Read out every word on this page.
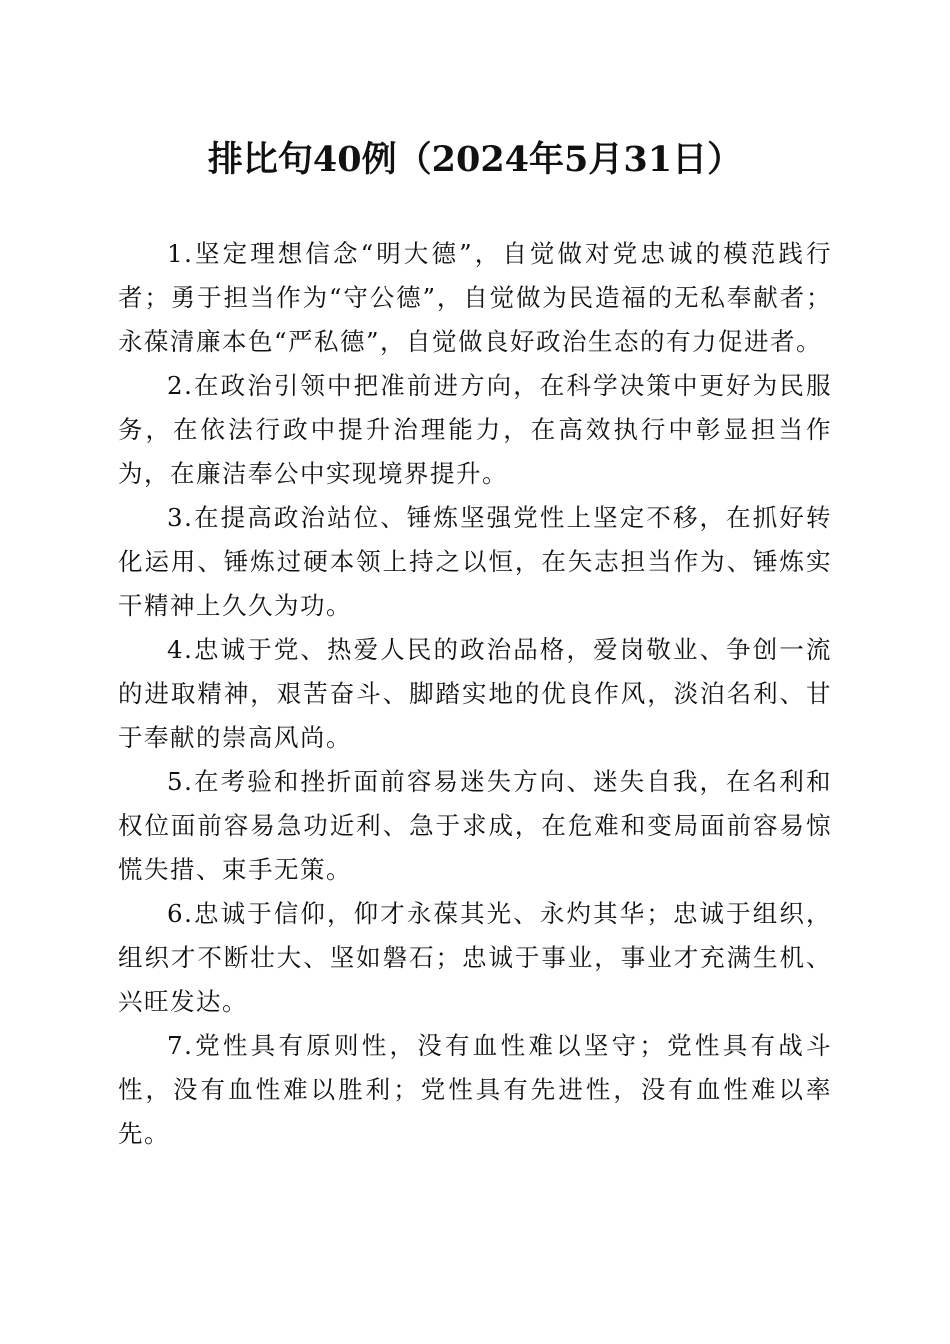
排比句40例（2024年5月31日）

1.坚定理想信念“明大德”，自觉做对党忠诚的模范践行者；勇于担当作为“守公德”，自觉做为民造福的无私奉献者；永葆清廉本色“严私德”，自觉做良好政治生态的有力促进者。

2.在政治引领中把准前进方向，在科学决策中更好为民服务，在依法行政中提升治理能力，在高效执行中彰显担当作为，在廉洁奉公中实现境界提升。

3.在提高政治站位、锤炼坚强党性上坚定不移，在抓好转化运用、锤炼过硬本领上持之以恒，在矢志担当作为、锤炼实干精神上久久为功。

4.忠诚于党、热爱人民的政治品格，爱岗敬业、争创一流的进取精神，艰苦奋斗、脚踏实地的优良作风，淡泊名利、甘于奉献的崇高风尚。

5.在考验和挫折面前容易迷失方向、迷失自我，在名利和权位面前容易急功近利、急于求成，在危难和变局面前容易惊慌失措、束手无策。

6.忠诚于信仰，仰才永葆其光、永灼其华；忠诚于组织，组织才不断壮大、坚如磐石；忠诚于事业，事业才充满生机、兴旺发达。

7.党性具有原则性，没有血性难以坚守；党性具有战斗性，没有血性难以胜利；党性具有先进性，没有血性难以率先。
